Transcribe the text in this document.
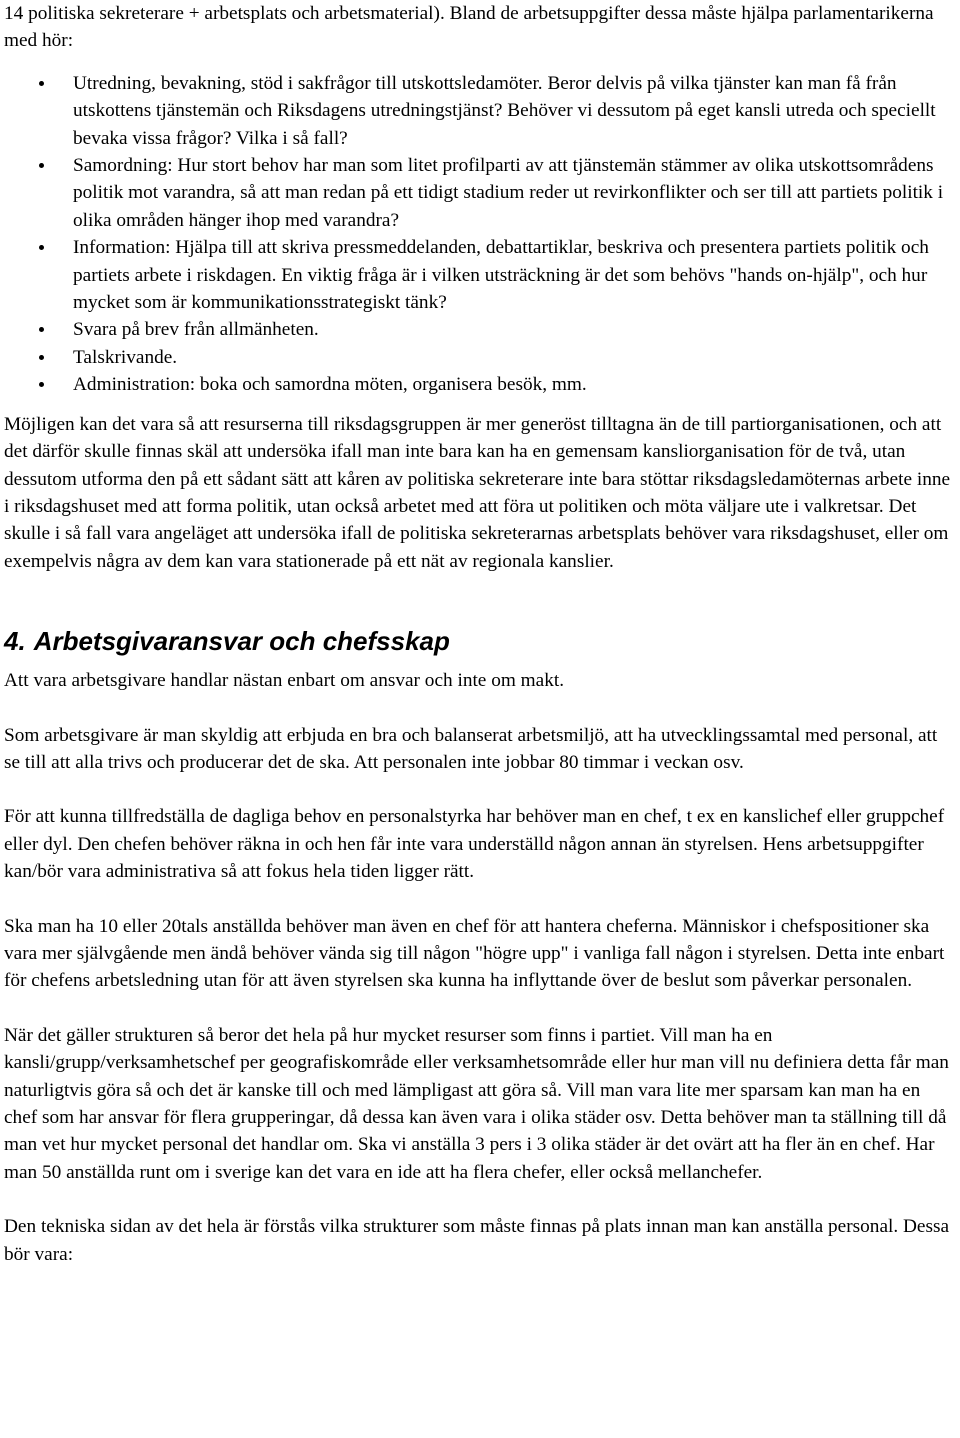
14 politiska sekreterare + arbetsplats och arbetsmaterial). Bland de arbetsuppgifter dessa måste hjälpa parlamentarikerna med hör:

Utredning, bevakning, stöd i sakfrågor till utskottsledamöter. Beror delvis på vilka tjänster kan man få från utskottens tjänstemän och Riksdagens utredningstjänst? Behöver vi dessutom på eget kansli utreda och speciellt bevaka vissa frågor? Vilka i så fall?
Samordning: Hur stort behov har man som litet profilparti av att tjänstemän stämmer av olika utskottsområdens politik mot varandra, så att man redan på ett tidigt stadium reder ut revirkonflikter och ser till att partiets politik i olika områden hänger ihop med varandra?
Information: Hjälpa till att skriva pressmeddelanden, debattartiklar, beskriva och presentera partiets politik och partiets arbete i riskdagen. En viktig fråga är i vilken utsträckning är det som behövs "hands on-hjälp", och hur mycket som är kommunikationsstrategiskt tänk?
Svara på brev från allmänheten.
Talskrivande.
Administration: boka och samordna möten, organisera besök, mm.

Möjligen kan det vara så att resurserna till riksdagsgruppen är mer generöst tilltagna än de till partiorganisationen, och att det därför skulle finnas skäl att undersöka ifall man inte bara kan ha en gemensam kansliorganisation för de två, utan dessutom utforma den på ett sådant sätt att kåren av politiska sekreterare inte bara stöttar riksdagsledamöternas arbete inne i riksdagshuset med att forma politik, utan också arbetet med att föra ut politiken och möta väljare ute i valkretsar. Det skulle i så fall vara angeläget att undersöka ifall de politiska sekreterarnas arbetsplats behöver vara riksdagshuset, eller om exempelvis några av dem kan vara stationerade på ett nät av regionala kanslier.

4. Arbetsgivaransvar och chefsskap

Att vara arbetsgivare handlar nästan enbart om ansvar och inte om makt.

Som arbetsgivare är man skyldig att erbjuda en bra och balanserat arbetsmiljö, att ha utvecklingssamtal med personal, att se till att alla trivs och producerar det de ska. Att personalen inte jobbar 80 timmar i veckan osv.

För att kunna tillfredställa de dagliga behov en personalstyrka har behöver man en chef, t ex en kanslichef eller gruppchef eller dyl. Den chefen behöver räkna in och hen får inte vara underställd någon annan än styrelsen. Hens arbetsuppgifter kan/bör vara administrativa så att fokus hela tiden ligger rätt.

Ska man ha 10 eller 20tals anställda behöver man även en chef för att hantera cheferna. Människor i chefspositioner ska vara mer självgående men ändå behöver vända sig till någon "högre upp" i vanliga fall någon i styrelsen. Detta inte enbart för chefens arbetsledning utan för att även styrelsen ska kunna ha inflyttande över de beslut som påverkar personalen.

När det gäller strukturen så beror det hela på hur mycket resurser som finns i partiet. Vill man ha en kansli/grupp/verksamhetschef per geografiskområde eller verksamhetsområde eller hur man vill nu definiera detta får man naturligtvis göra så och det är kanske till och med lämpligast att göra så. Vill man vara lite mer sparsam kan man ha en chef som har ansvar för flera grupperingar, då dessa kan även vara i olika städer osv. Detta behöver man ta ställning till då man vet hur mycket personal det handlar om. Ska vi anställa 3 pers i 3 olika städer är det ovärt att ha fler än en chef. Har man 50 anställda runt om i sverige kan det vara en ide att ha flera chefer, eller också mellanchefer.

Den tekniska sidan av det hela är förstås vilka strukturer som måste finnas på plats innan man kan anställa personal. Dessa bör vara:
